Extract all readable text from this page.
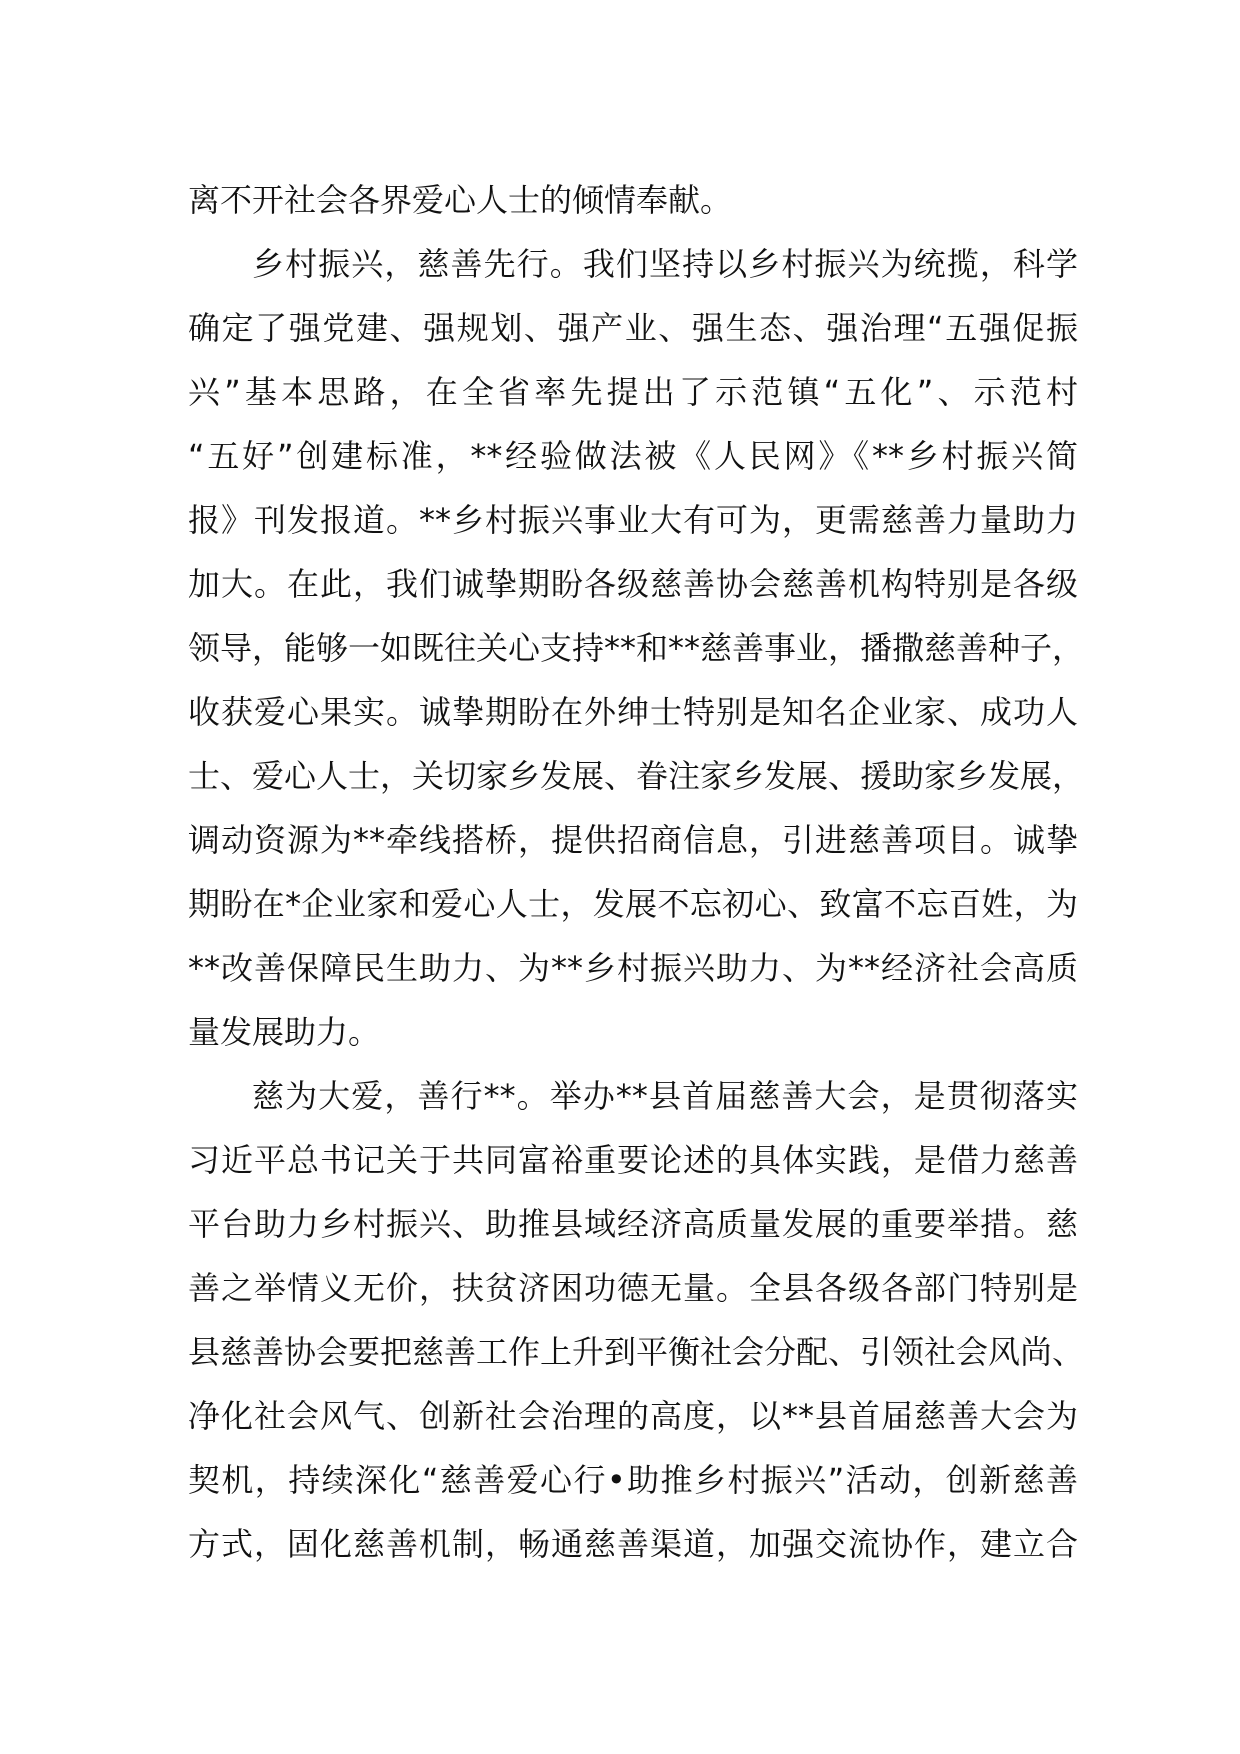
离不开社会各界爱心人士的倾情奉献。
乡村振兴，慈善先行。我们坚持以乡村振兴为统揽，科学
确定了强党建、强规划、强产业、强生态、强治理“五强促振
兴”基本思路，在全省率先提出了示范镇“五化”、示范村
“五好”创建标准，**经验做法被《人民网》《**乡村振兴简
报》刊发报道。**乡村振兴事业大有可为，更需慈善力量助力
加大。在此，我们诚挚期盼各级慈善协会慈善机构特别是各级
领导，能够一如既往关心支持**和**慈善事业，播撒慈善种子，
收获爱心果实。诚挚期盼在外绅士特别是知名企业家、成功人
士、爱心人士，关切家乡发展、眷注家乡发展、援助家乡发展，
调动资源为**牵线搭桥，提供招商信息，引进慈善项目。诚挚
期盼在*企业家和爱心人士，发展不忘初心、致富不忘百姓，为
**改善保障民生助力、为**乡村振兴助力、为**经济社会高质
量发展助力。
慈为大爱，善行**。举办**县首届慈善大会，是贯彻落实
习近平总书记关于共同富裕重要论述的具体实践，是借力慈善
平台助力乡村振兴、助推县域经济高质量发展的重要举措。慈
善之举情义无价，扶贫济困功德无量。全县各级各部门特别是
县慈善协会要把慈善工作上升到平衡社会分配、引领社会风尚、
净化社会风气、创新社会治理的高度，以**县首届慈善大会为
契机，持续深化“慈善爱心行•助推乡村振兴”活动，创新慈善
方式，固化慈善机制，畅通慈善渠道，加强交流协作，建立合
